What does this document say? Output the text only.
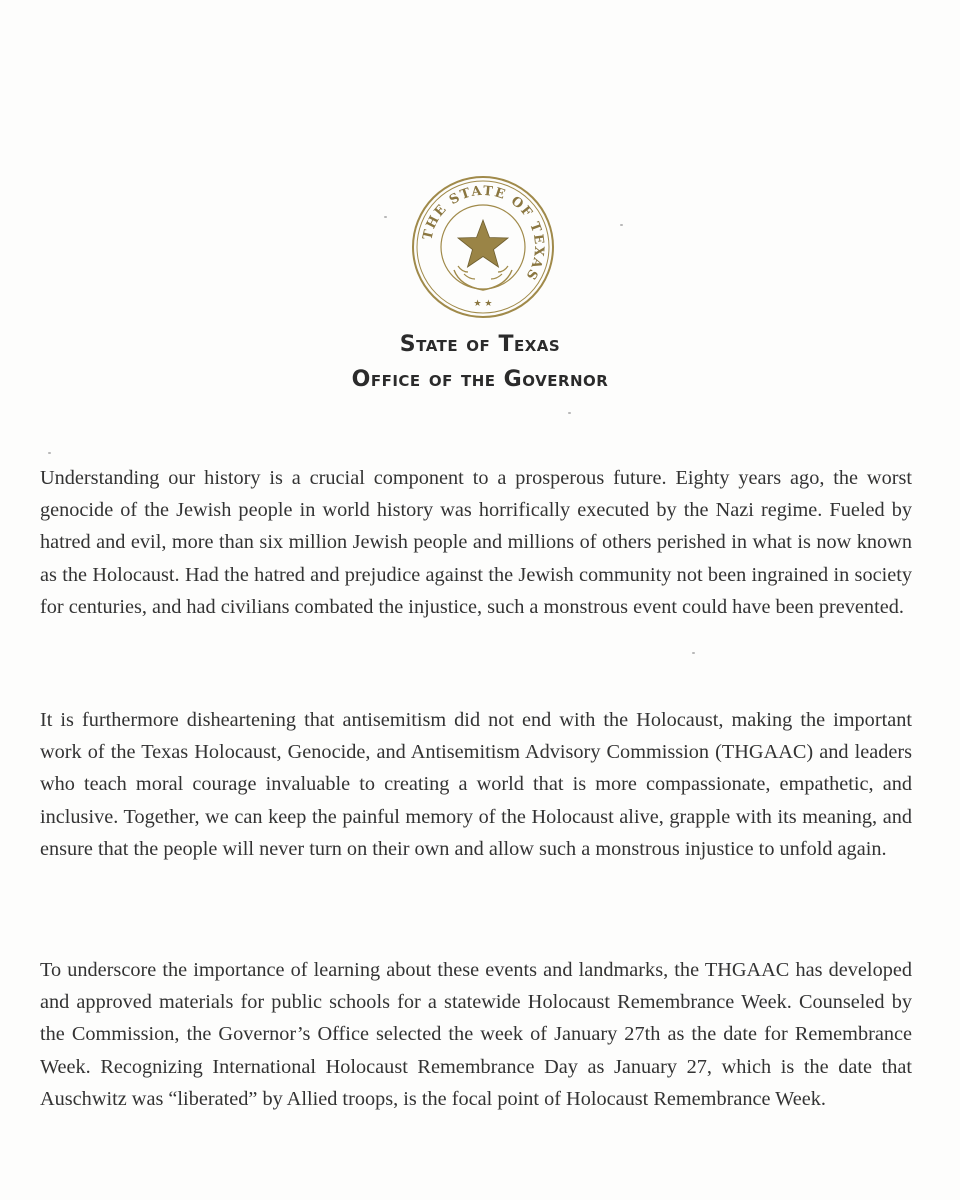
THE STATE OF TEXAS
★ ★
State of Texas
Office of the Governor

Understanding our history is a crucial component to a prosperous future. Eighty years ago, the worst genocide of the Jewish people in world history was horrifically executed by the Nazi regime. Fueled by hatred and evil, more than six million Jewish people and millions of others perished in what is now known as the Holocaust. Had the hatred and prejudice against the Jewish community not been ingrained in society for centuries, and had civilians combated the injustice, such a monstrous event could have been prevented.

It is furthermore disheartening that antisemitism did not end with the Holocaust, making the important work of the Texas Holocaust, Genocide, and Antisemitism Advisory Commission (THGAAC) and leaders who teach moral courage invaluable to creating a world that is more compassionate, empathetic, and inclusive. Together, we can keep the painful memory of the Holocaust alive, grapple with its meaning, and ensure that the people will never turn on their own and allow such a monstrous injustice to unfold again.

To underscore the importance of learning about these events and landmarks, the THGAAC has developed and approved materials for public schools for a statewide Holocaust Remembrance Week. Counseled by the Commission, the Governor’s Office selected the week of January 27th as the date for Remembrance Week. Recognizing International Holocaust Remembrance Day as January 27, which is the date that Auschwitz was “liberated” by Allied troops, is the focal point of Holocaust Remembrance Week.
